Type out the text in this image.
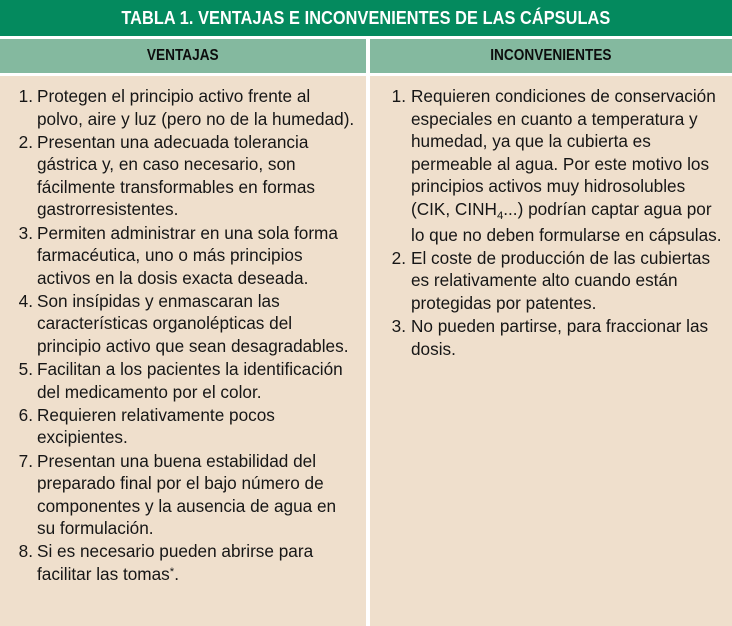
TABLA 1. VENTAJAS E INCONVENIENTES DE LAS CÁPSULAS
VENTAJAS	INCONVENIENTES
Protegen el principio activo frente al polvo, aire y luz (pero no de la humedad).
Presentan una adecuada tolerancia gástrica y, en caso necesario, son fácilmente transformables en formas gastrorresistentes.
Permiten administrar en una sola forma farmacéutica, uno o más principios activos en la dosis exacta deseada.
Son insípidas y enmascaran las características organolépticas del principio activo que sean desagradables.
Facilitan a los pacientes la identificación del medicamento por el color.
Requieren relativamente pocos excipientes.
Presentan una buena estabilidad del preparado final por el bajo número de componentes y la ausencia de agua en su formulación.
Si es necesario pueden abrirse para facilitar las tomas*.
Requieren condiciones de conservación especiales en cuanto a temperatura y humedad, ya que la cubierta es permeable al agua. Por este motivo los principios activos muy hidrosolubles (CIK, $CINH_4$...) podrían captar agua por lo que no deben formularse en cápsulas.
El coste de producción de las cubiertas es relativamente alto cuando están protegidas por patentes.
No pueden partirse, para fraccionar las dosis.
